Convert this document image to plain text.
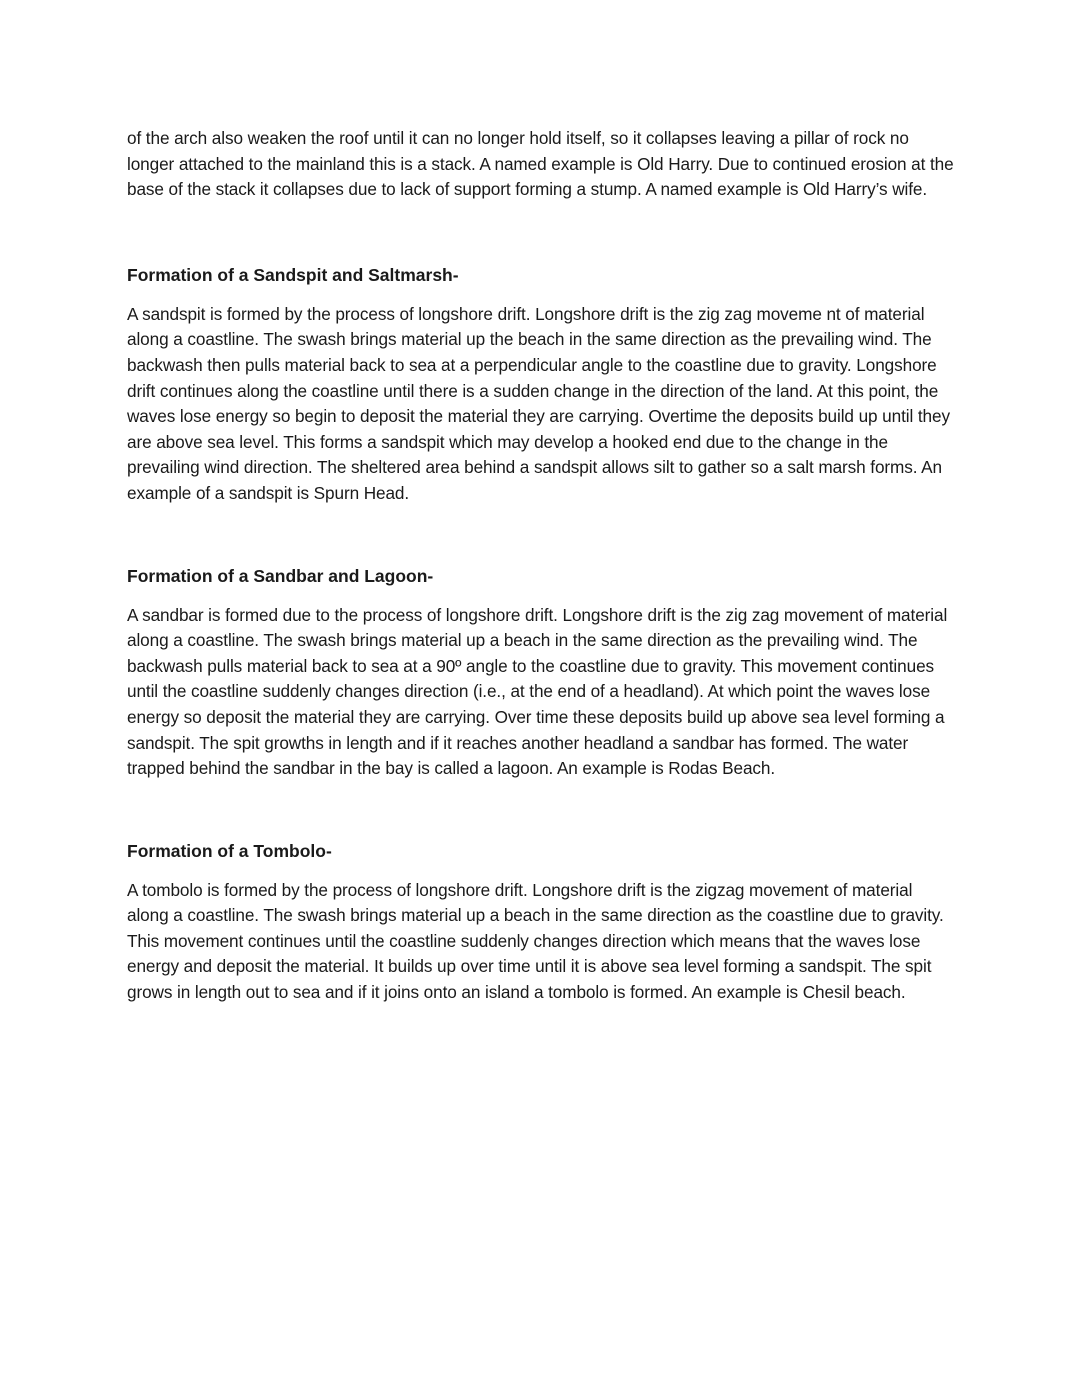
of the arch also weaken the roof until it can no longer hold itself, so it collapses leaving a pillar of rock no longer attached to the mainland this is a stack. A named example is Old Harry. Due to continued erosion at the base of the stack it collapses due to lack of support forming a stump. A named example is Old Harry’s wife.

Formation of a Sandspit and Saltmarsh-

A sandspit is formed by the process of longshore drift. Longshore drift is the zig zag moveme nt of material along a coastline. The swash brings material up the beach in the same direction as the prevailing wind. The backwash then pulls material back to sea at a perpendicular angle to the coastline due to gravity. Longshore drift continues along the coastline until there is a sudden change in the direction of the land. At this point, the waves lose energy so begin to deposit the material they are carrying. Overtime the deposits build up until they are above sea level. This forms a sandspit which may develop a hooked end due to the change in the prevailing wind direction. The sheltered area behind a sandspit allows silt to gather so a salt marsh forms. An example of a sandspit is Spurn Head.

Formation of a Sandbar and Lagoon-

A sandbar is formed due to the process of longshore drift. Longshore drift is the zig zag movement of material along a coastline. The swash brings material up a beach in the same direction as the prevailing wind. The backwash pulls material back to sea at a 90º angle to the coastline due to gravity. This movement continues until the coastline suddenly changes direction (i.e., at the end of a headland). At which point the waves lose energy so deposit the material they are carrying. Over time these deposits build up above sea level forming a sandspit. The spit growths in length and if it reaches another headland a sandbar has formed. The water trapped behind the sandbar in the bay is called a lagoon. An example is Rodas Beach.

Formation of a Tombolo-

A tombolo is formed by the process of longshore drift. Longshore drift is the zigzag movement of material along a coastline. The swash brings material up a beach in the same direction as the coastline due to gravity. This movement continues until the coastline suddenly changes direction which means that the waves lose energy and deposit the material. It builds up over time until it is above sea level forming a sandspit. The spit grows in length out to sea and if it joins onto an island a tombolo is formed. An example is Chesil beach.
